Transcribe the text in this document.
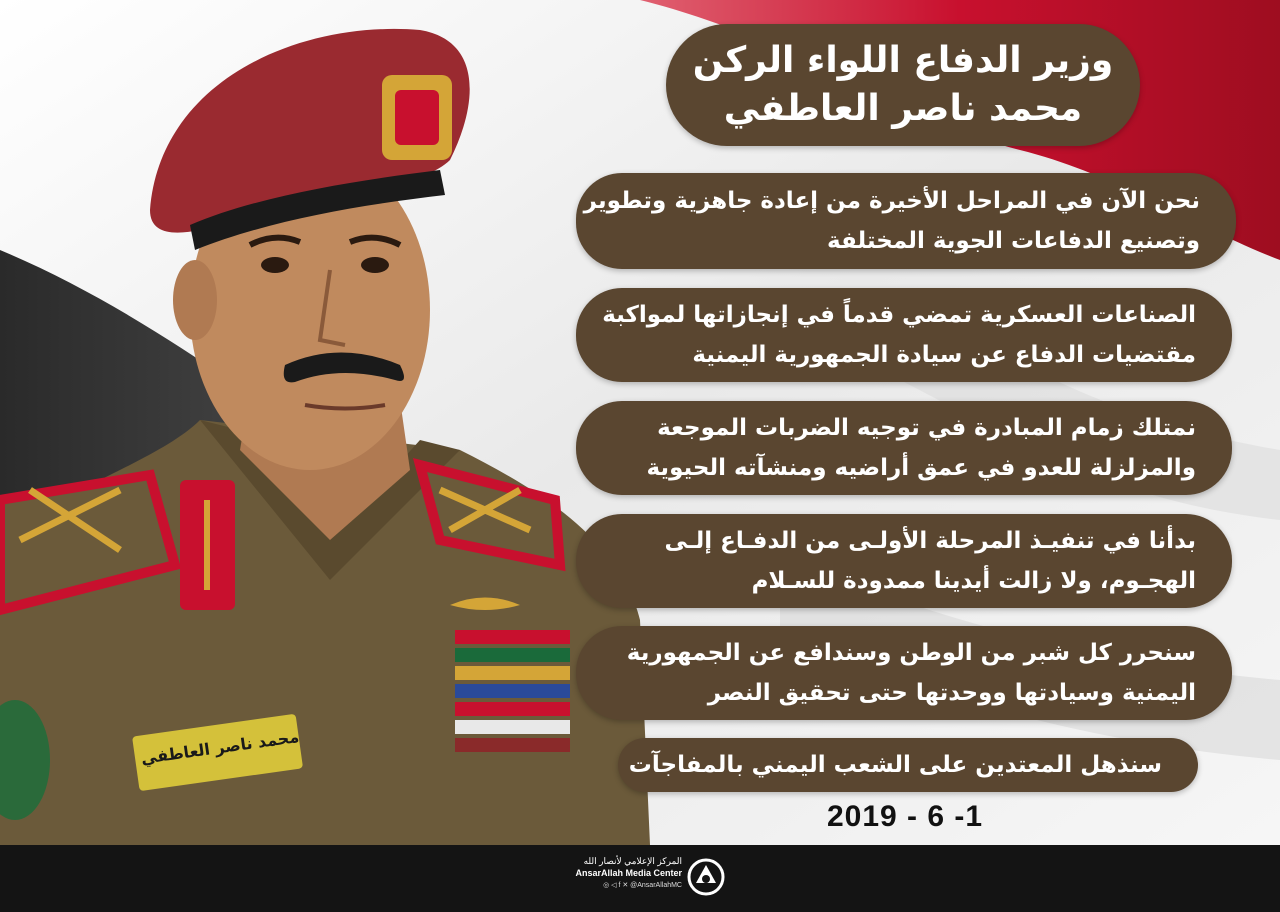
محمد ناصر العاطفي
وزير الدفاع اللواء الركن
محمد ناصر العاطفي
نحن الآن في المراحل الأخيرة من إعادة جاهزية وتطوير
وتصنيع الدفاعات الجوية المختلفة
الصناعات العسكرية تمضي قدماً في إنجازاتها لمواكبة
مقتضيات الدفاع عن سيادة الجمهورية اليمنية
نمتلك زمام المبادرة في توجيه الضربات الموجعة
والمزلزلة للعدو في عمق أراضيه ومنشآته الحيوية
بدأنا في تنفيـذ المرحلة الأولـى من الدفـاع إلـى
الهجـوم، ولا زالت أيدينا ممدودة للسـلام
سنحرر كل شبر من الوطن وسندافع عن الجمهورية
اليمنية وسيادتها ووحدتها حتى تحقيق النصر
سنذهل المعتدين على الشعب اليمني بالمفاجآت
2019 - 6 -1
المركز الإعلامي لأنصار الله
AnsarAllah Media Center
◎ ◁ f ✕ @AnsarAllahMC
